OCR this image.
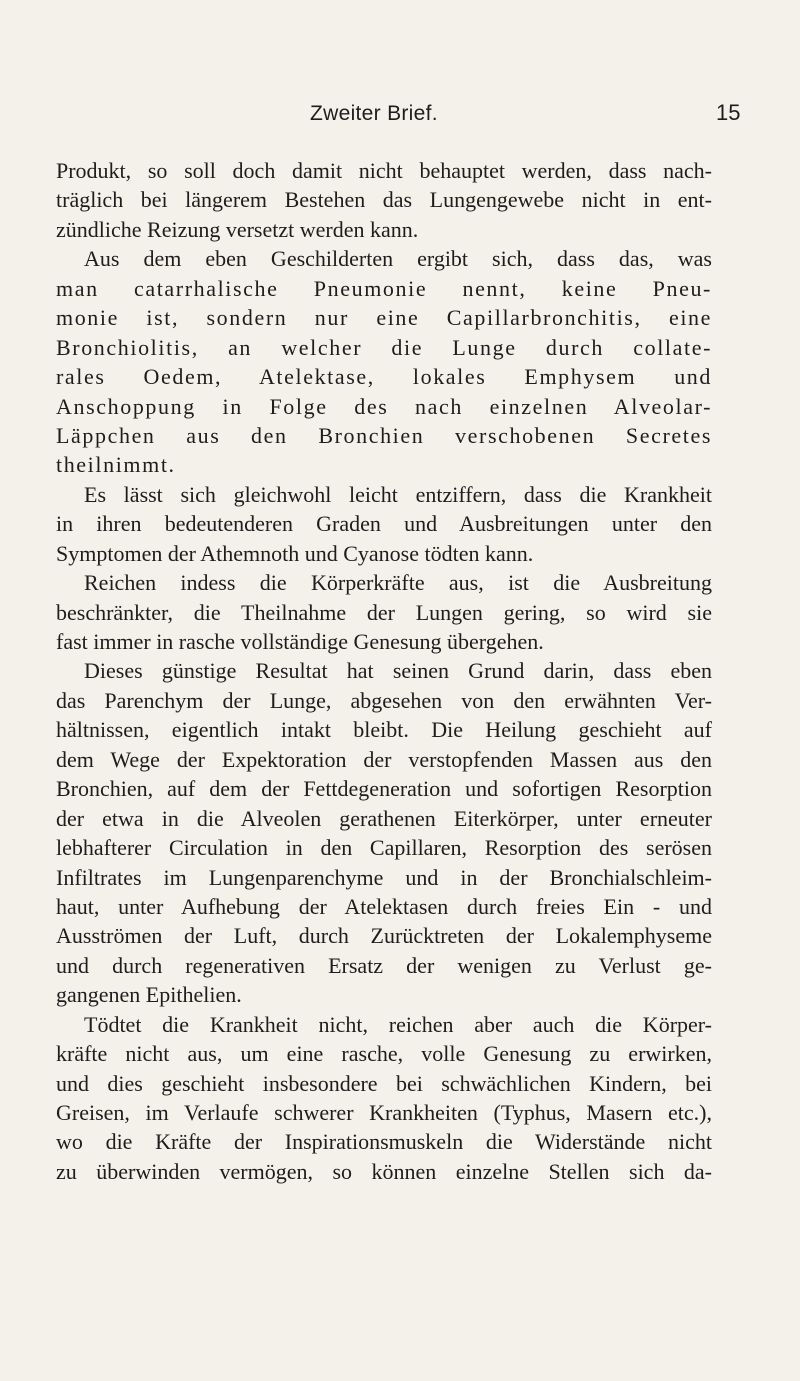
Zweiter Brief.	15
Produkt, so soll doch damit nicht behauptet werden, dass nach-
träglich bei längerem Bestehen das Lungengewebe nicht in ent-
zündliche Reizung versetzt werden kann.
Aus dem eben Geschilderten ergibt sich, dass das, was
man catarrhalische Pneumonie nennt, keine Pneu-
monie ist, sondern nur eine Capillarbronchitis, eine
Bronchiolitis, an welcher die Lunge durch collate-
rales Oedem, Atelektase, lokales Emphysem und
Anschoppung in Folge des nach einzelnen Alveolar-
Läppchen aus den Bronchien verschobenen Secretes
theilnimmt.
Es lässt sich gleichwohl leicht entziffern, dass die Krankheit
in ihren bedeutenderen Graden und Ausbreitungen unter den
Symptomen der Athemnoth und Cyanose tödten kann.
Reichen indess die Körperkräfte aus, ist die Ausbreitung
beschränkter, die Theilnahme der Lungen gering, so wird sie
fast immer in rasche vollständige Genesung übergehen.
Dieses günstige Resultat hat seinen Grund darin, dass eben
das Parenchym der Lunge, abgesehen von den erwähnten Ver-
hältnissen, eigentlich intakt bleibt. Die Heilung geschieht auf
dem Wege der Expektoration der verstopfenden Massen aus den
Bronchien, auf dem der Fettdegeneration und sofortigen Resorption
der etwa in die Alveolen gerathenen Eiterkörper, unter erneuter
lebhafterer Circulation in den Capillaren, Resorption des serösen
Infiltrates im Lungenparenchyme und in der Bronchialschleim-
haut, unter Aufhebung der Atelektasen durch freies Ein - und
Ausströmen der Luft, durch Zurücktreten der Lokalemphyseme
und durch regenerativen Ersatz der wenigen zu Verlust ge-
gangenen Epithelien.
Tödtet die Krankheit nicht, reichen aber auch die Körper-
kräfte nicht aus, um eine rasche, volle Genesung zu erwirken,
und dies geschieht insbesondere bei schwächlichen Kindern, bei
Greisen, im Verlaufe schwerer Krankheiten (Typhus, Masern etc.),
wo die Kräfte der Inspirationsmuskeln die Widerstände nicht
zu überwinden vermögen, so können einzelne Stellen sich da-
